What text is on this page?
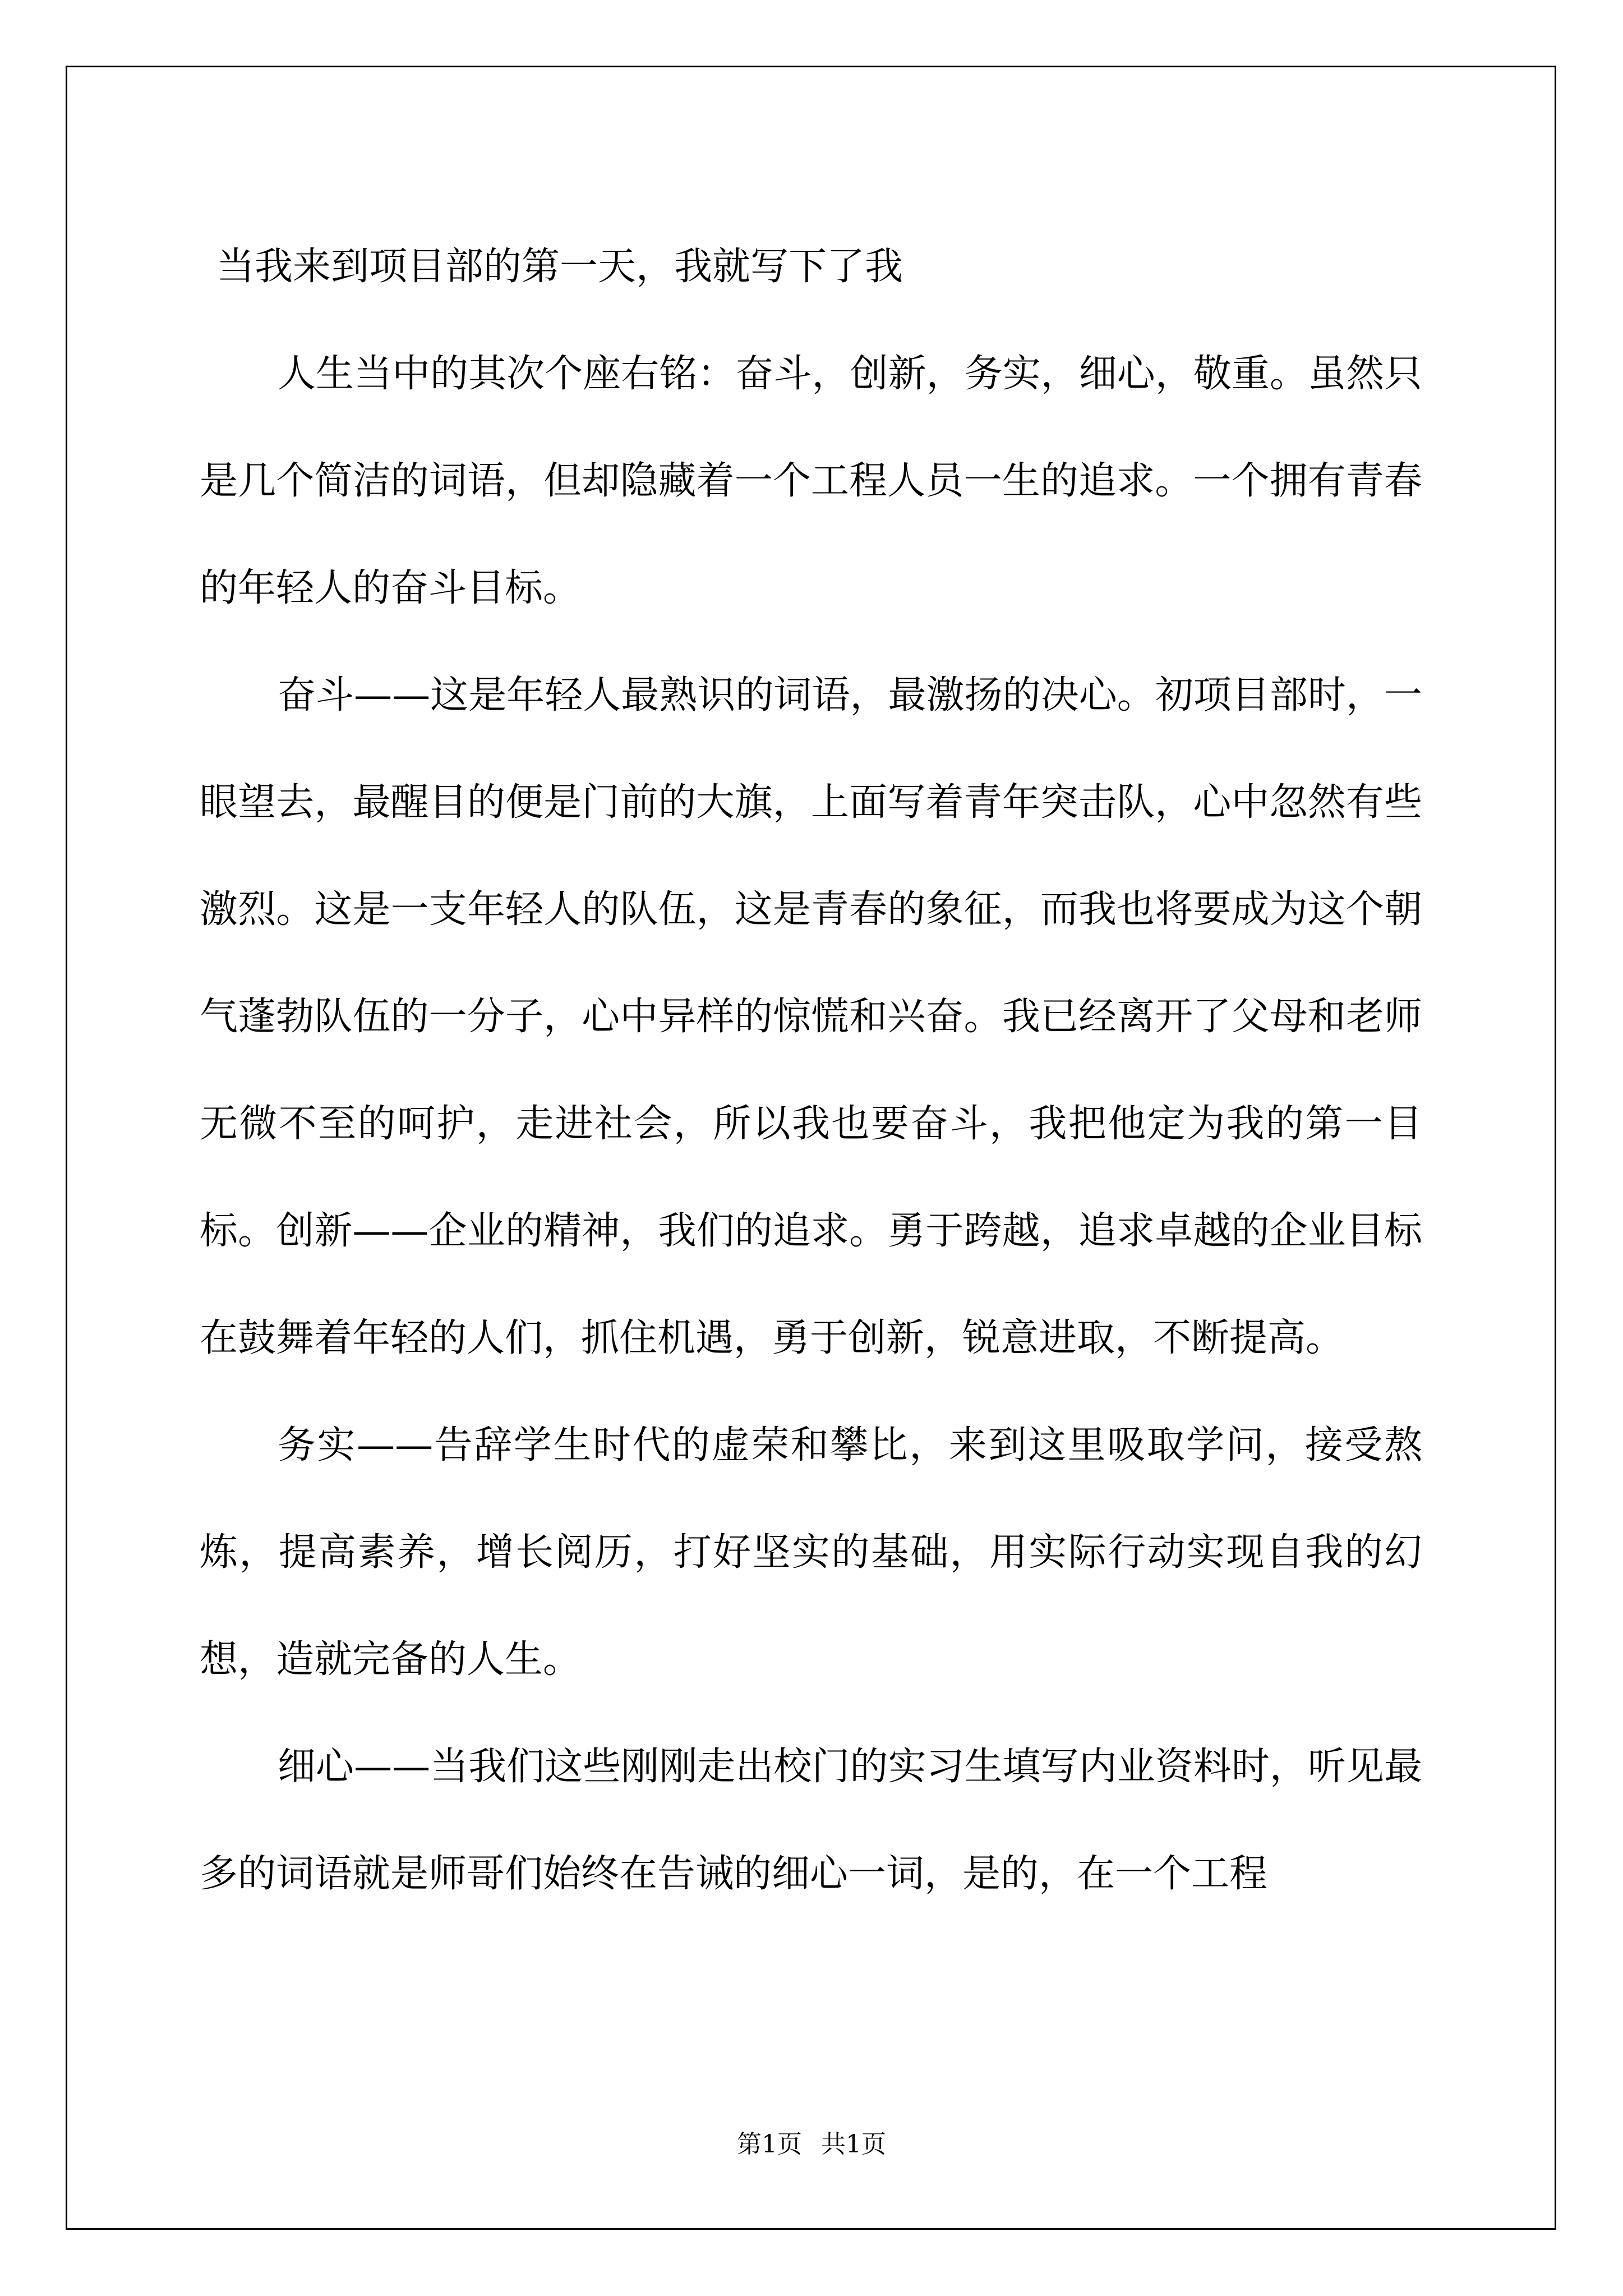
当我来到项目部的第一天，我就写下了我

人生当中的其次个座右铭：奋斗，创新，务实，细心，敬重。虽然只是几个简洁的词语，但却隐藏着一个工程人员一生的追求。一个拥有青春的年轻人的奋斗目标。

奋斗——这是年轻人最熟识的词语，最激扬的决心。初项目部时，一眼望去，最醒目的便是门前的大旗，上面写着青年突击队，心中忽然有些激烈。这是一支年轻人的队伍，这是青春的象征，而我也将要成为这个朝气蓬勃队伍的一分子，心中异样的惊慌和兴奋。我已经离开了父母和老师无微不至的呵护，走进社会，所以我也要奋斗，我把他定为我的第一目标。创新——企业的精神，我们的追求。勇于跨越，追求卓越的企业目标在鼓舞着年轻的人们，抓住机遇，勇于创新，锐意进取，不断提高。

务实——告辞学生时代的虚荣和攀比，来到这里吸取学问，接受熬炼，提高素养，增长阅历，打好坚实的基础，用实际行动实现自我的幻想，造就完备的人生。

细心——当我们这些刚刚走出校门的实习生填写内业资料时，听见最多的词语就是师哥们始终在告诫的细心一词，是的，在一个工程

第1页 共1页
